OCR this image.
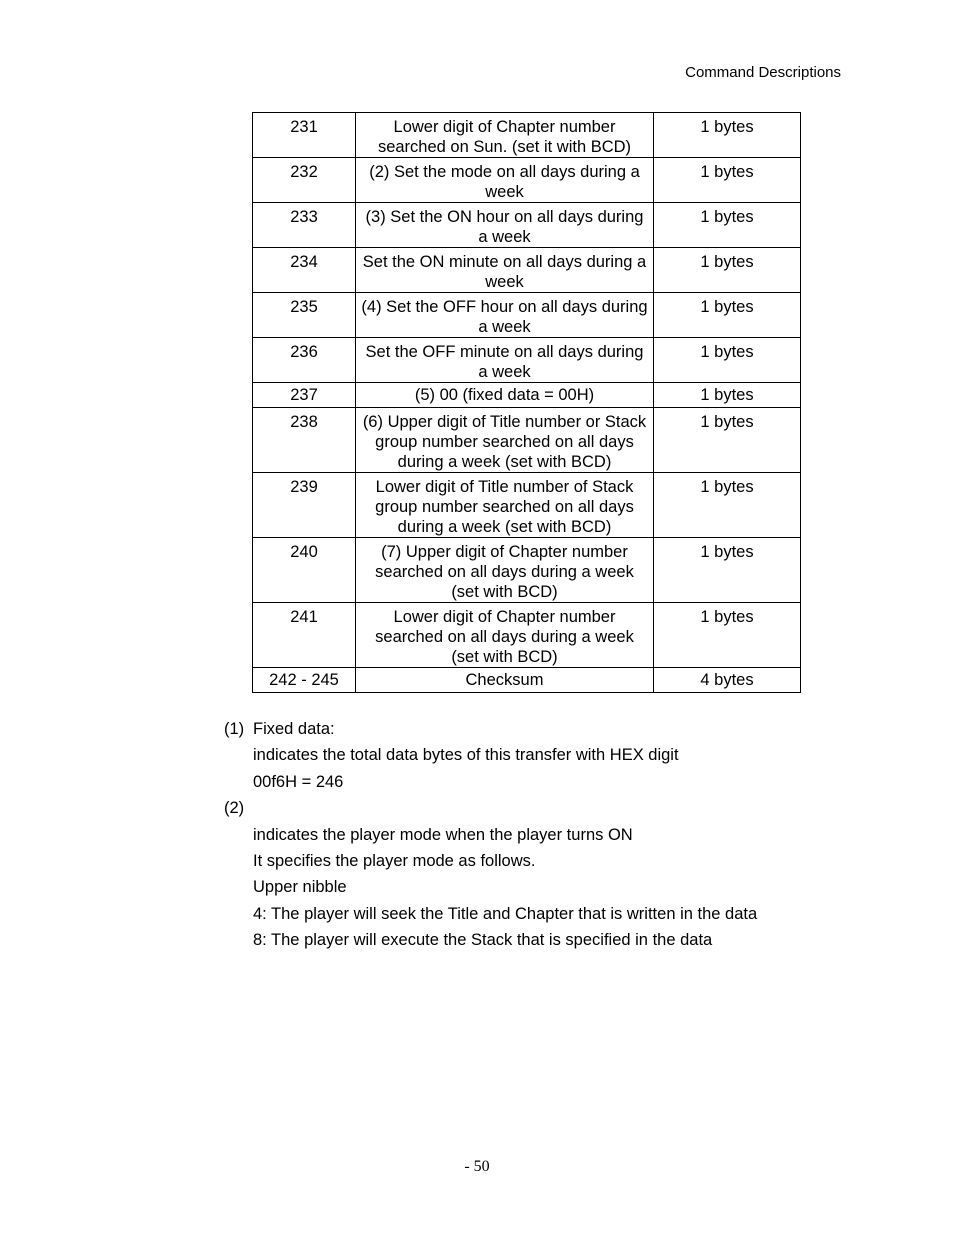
Command Descriptions
231	Lower digit of Chapter number searched on Sun. (set it with BCD)	1 bytes
232	(2) Set the mode on all days during a week	1 bytes
233	(3) Set the ON hour on all days during a week	1 bytes
234	Set the ON minute on all days during a week	1 bytes
235	(4) Set the OFF hour on all days during a week	1 bytes
236	Set the OFF minute on all days during a week	1 bytes
237	(5) 00 (fixed data = 00H)	1 bytes
238	(6) Upper digit of Title number or Stack group number searched on all days during a week (set with BCD)	1 bytes
239	Lower digit of Title number of Stack group number searched on all days during a week (set with BCD)	1 bytes
240	(7) Upper digit of Chapter number searched on all days during a week (set with BCD)	1 bytes
241	Lower digit of Chapter number searched on all days during a week (set with BCD)	1 bytes
242 - 245	Checksum	4 bytes
(1) Fixed data:
indicates the total data bytes of this transfer with HEX digit
00f6H = 246
(2)
indicates the player mode when the player turns ON
It specifies the player mode as follows.
Upper nibble
4: The player will seek the Title and Chapter that is written in the data
8: The player will execute the Stack that is specified in the data
- 50
